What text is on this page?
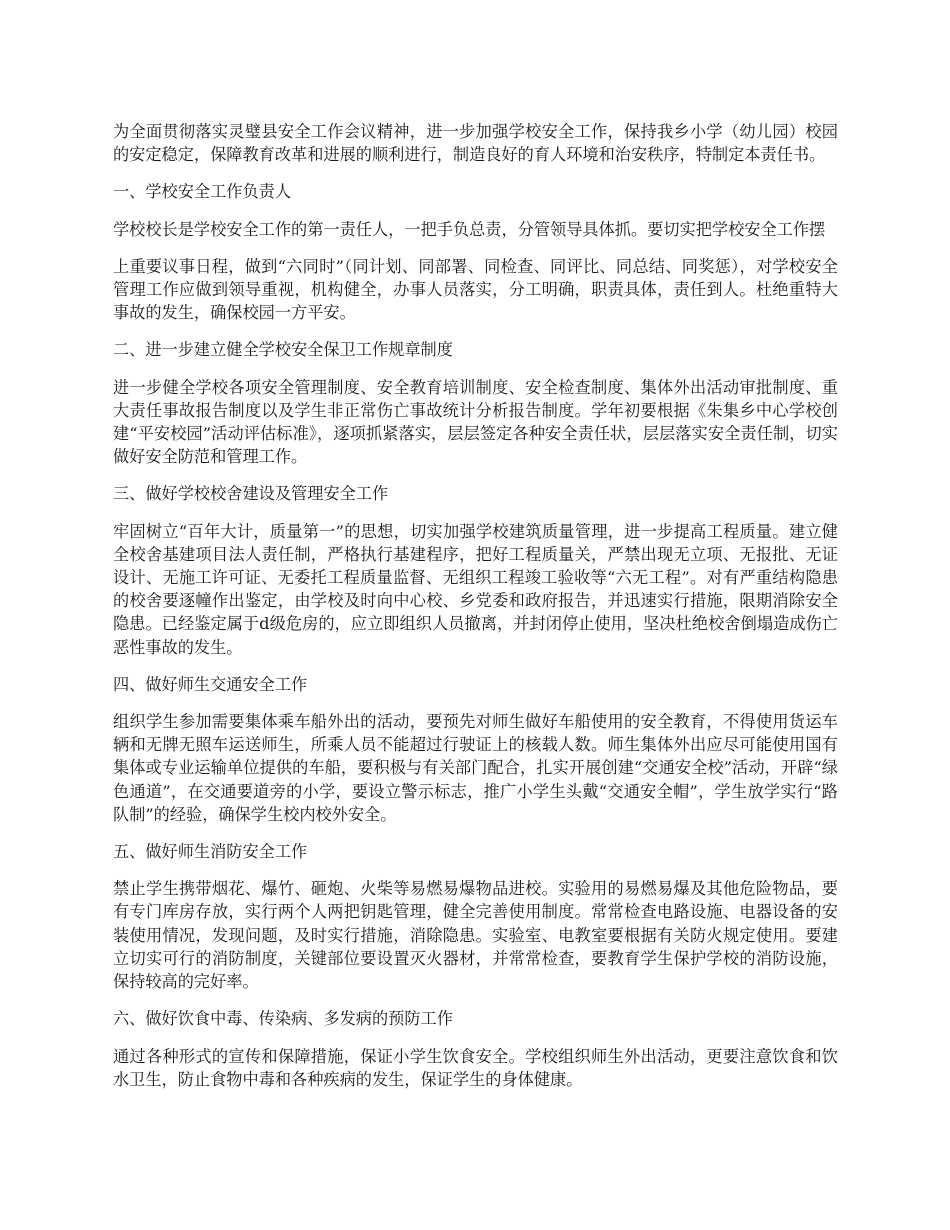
为全面贯彻落实灵璧县安全工作会议精神，进一步加强学校安全工作，保持我乡小学（幼儿园）校园的安定稳定，保障教育改革和进展的顺利进行，制造良好的育人环境和治安秩序，特制定本责任书。

一、学校安全工作负责人

学校校长是学校安全工作的第一责任人，一把手负总责，分管领导具体抓。要切实把学校安全工作摆

上重要议事日程，做到“六同时”（同计划、同部署、同检查、同评比、同总结、同奖惩），对学校安全管理工作应做到领导重视，机构健全，办事人员落实，分工明确，职责具体，责任到人。杜绝重特大事故的发生，确保校园一方平安。

二、进一步建立健全学校安全保卫工作规章制度

进一步健全学校各项安全管理制度、安全教育培训制度、安全检查制度、集体外出活动审批制度、重大责任事故报告制度以及学生非正常伤亡事故统计分析报告制度。学年初要根据《朱集乡中心学校创建“平安校园”活动评估标准》，逐项抓紧落实，层层签定各种安全责任状，层层落实安全责任制，切实做好安全防范和管理工作。

三、做好学校校舍建设及管理安全工作

牢固树立“百年大计，质量第一”的思想，切实加强学校建筑质量管理，进一步提高工程质量。建立健全校舍基建项目法人责任制，严格执行基建程序，把好工程质量关，严禁出现无立项、无报批、无证设计、无施工许可证、无委托工程质量监督、无组织工程竣工验收等“六无工程”。对有严重结构隐患的校舍要逐幢作出鉴定，由学校及时向中心校、乡党委和政府报告，并迅速实行措施，限期消除安全隐患。已经鉴定属于d级危房的，应立即组织人员撤离，并封闭停止使用，坚决杜绝校舍倒塌造成伤亡恶性事故的发生。

四、做好师生交通安全工作

组织学生参加需要集体乘车船外出的活动，要预先对师生做好车船使用的安全教育，不得使用货运车辆和无牌无照车运送师生，所乘人员不能超过行驶证上的核载人数。师生集体外出应尽可能使用国有集体或专业运输单位提供的车船，要积极与有关部门配合，扎实开展创建“交通安全校”活动，开辟“绿色通道”，在交通要道旁的小学，要设立警示标志，推广小学生头戴“交通安全帽”，学生放学实行“路队制”的经验，确保学生校内校外安全。

五、做好师生消防安全工作

禁止学生携带烟花、爆竹、砸炮、火柴等易燃易爆物品进校。实验用的易燃易爆及其他危险物品，要有专门库房存放，实行两个人两把钥匙管理，健全完善使用制度。常常检查电路设施、电器设备的安装使用情况，发现问题，及时实行措施，消除隐患。实验室、电教室要根据有关防火规定使用。要建立切实可行的消防制度，关键部位要设置灭火器材，并常常检查，要教育学生保护学校的消防设施，保持较高的完好率。

六、做好饮食中毒、传染病、多发病的预防工作

通过各种形式的宣传和保障措施，保证小学生饮食安全。学校组织师生外出活动，更要注意饮食和饮水卫生，防止食物中毒和各种疾病的发生，保证学生的身体健康。
